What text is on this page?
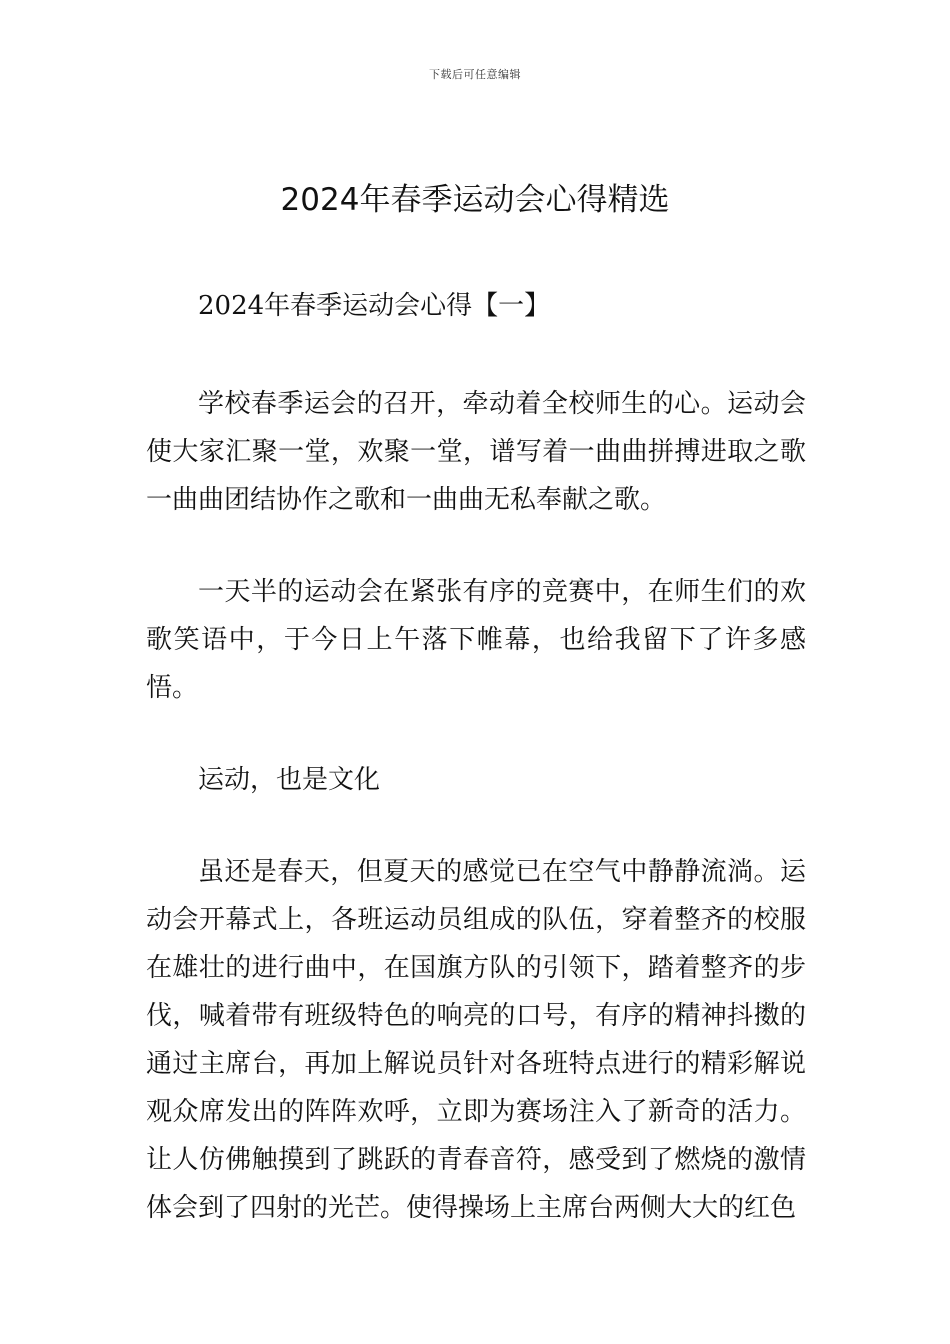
下载后可任意编辑
2024年春季运动会心得精选

2024年春季运动会心得【一】

学校春季运会的召开，牵动着全校师生的心。运动会使大家汇聚一堂，欢聚一堂，谱写着一曲曲拼搏进取之歌一曲曲团结协作之歌和一曲曲无私奉献之歌。

一天半的运动会在紧张有序的竞赛中，在师生们的欢歌笑语中，于今日上午落下帷幕，也给我留下了许多感悟。

运动，也是文化

虽还是春天，但夏天的感觉已在空气中静静流淌。运动会开幕式上，各班运动员组成的队伍，穿着整齐的校服在雄壮的进行曲中，在国旗方队的引领下，踏着整齐的步伐，喊着带有班级特色的响亮的口号，有序的精神抖擞的通过主席台，再加上解说员针对各班特点进行的精彩解说观众席发出的阵阵欢呼，立即为赛场注入了新奇的活力。让人仿佛触摸到了跳跃的青春音符，感受到了燃烧的激情体会到了四射的光芒。使得操场上主席台两侧大大的红色
